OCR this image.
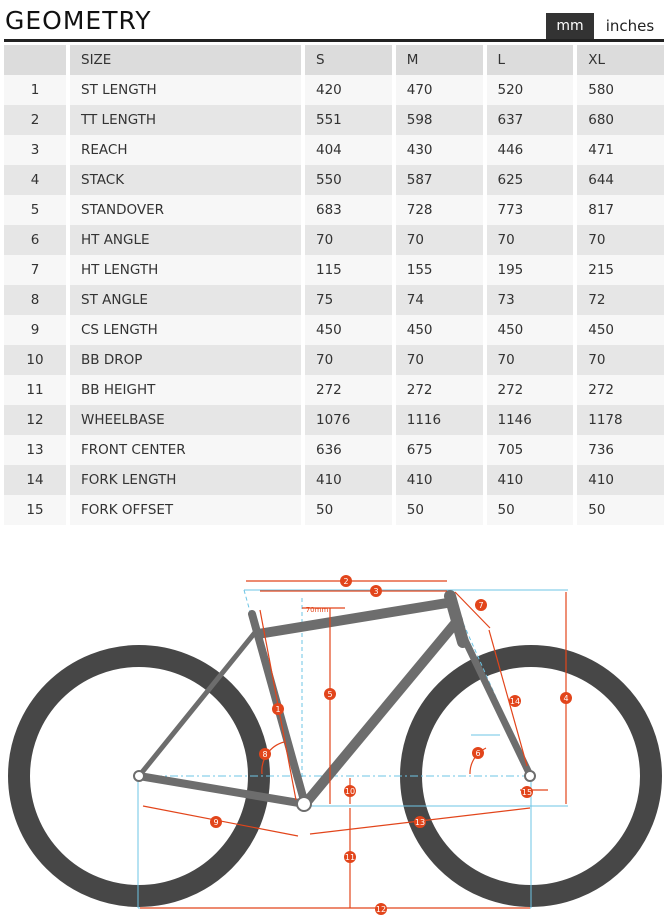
GEOMETRY	mm	inches
	SIZE	S	M	L	XL
1	ST LENGTH	420	470	520	580
2	TT LENGTH	551	598	637	680
3	REACH	404	430	446	471
4	STACK	550	587	625	644
5	STANDOVER	683	728	773	817
6	HT ANGLE	70	70	70	70
7	HT LENGTH	115	155	195	215
8	ST ANGLE	75	74	73	72
9	CS LENGTH	450	450	450	450
10	BB DROP	70	70	70	70
11	BB HEIGHT	272	272	272	272
12	WHEELBASE	1076	1116	1146	1178
13	FRONT CENTER	636	675	705	736
14	FORK LENGTH	410	410	410	410
15	FORK OFFSET	50	50	50	50
70mm
1
2
3
4
5
6
7
8
9
10
11
12
13
14
15
